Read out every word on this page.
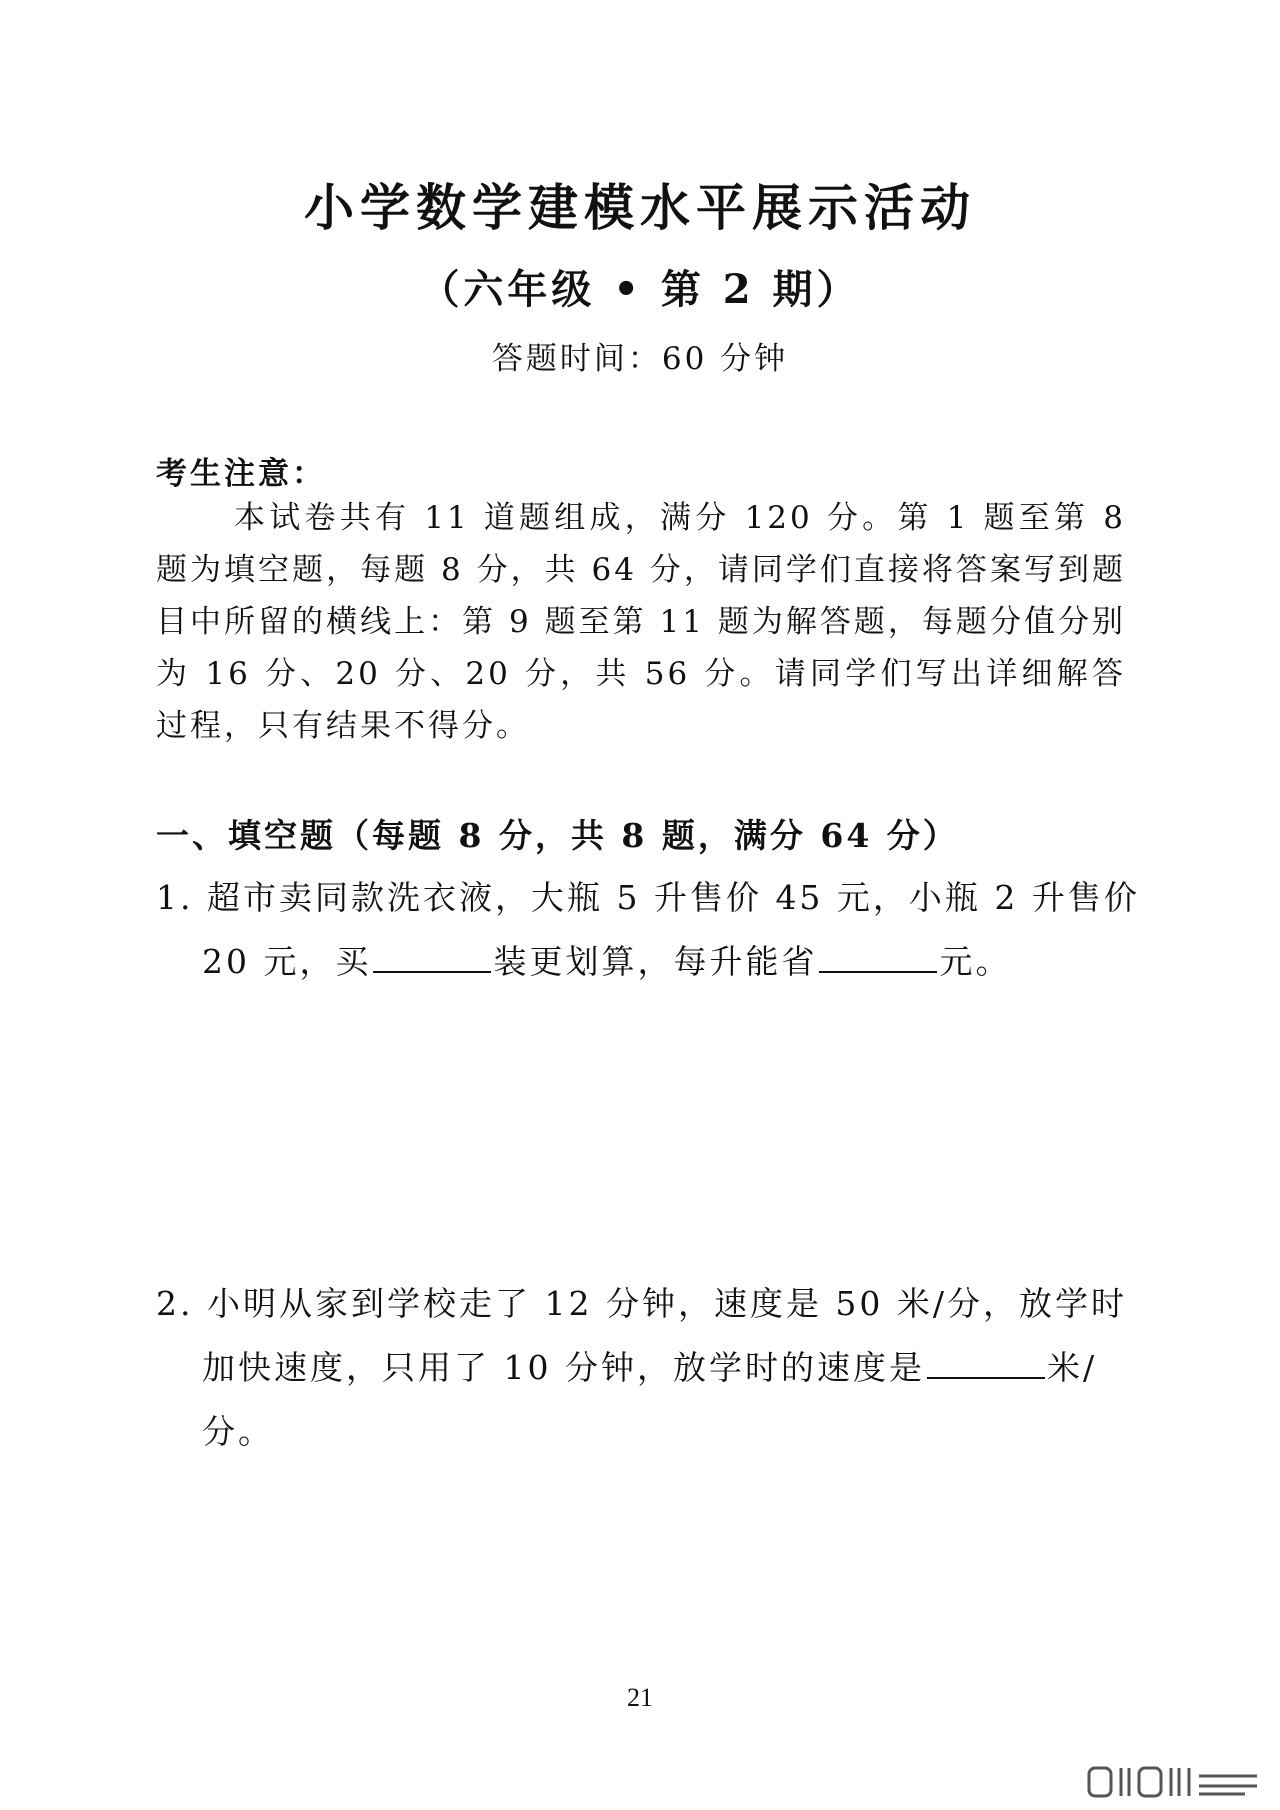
小学数学建模水平展示活动
（六年级 • 第 2 期）
答题时间：60 分钟
考生注意：
本试卷共有 11 道题组成，满分 120 分。第 1 题至第 8 题为填空题，每题 8 分，共 64 分，请同学们直接将答案写到题目中所留的横线上：第 9 题至第 11 题为解答题，每题分值分别为 16 分、20 分、20 分，共 56 分。请同学们写出详细解答过程，只有结果不得分。
一、填空题（每题 8 分，共 8 题，满分 64 分）
1. 超市卖同款洗衣液，大瓶 5 升售价 45 元，小瓶 2 升售价
20 元，买	装更划算，每升能省	元。
2. 小明从家到学校走了 12 分钟，速度是 50 米/分，放学时
加快速度，只用了 10 分钟，放学时的速度是	米/
分。
21
